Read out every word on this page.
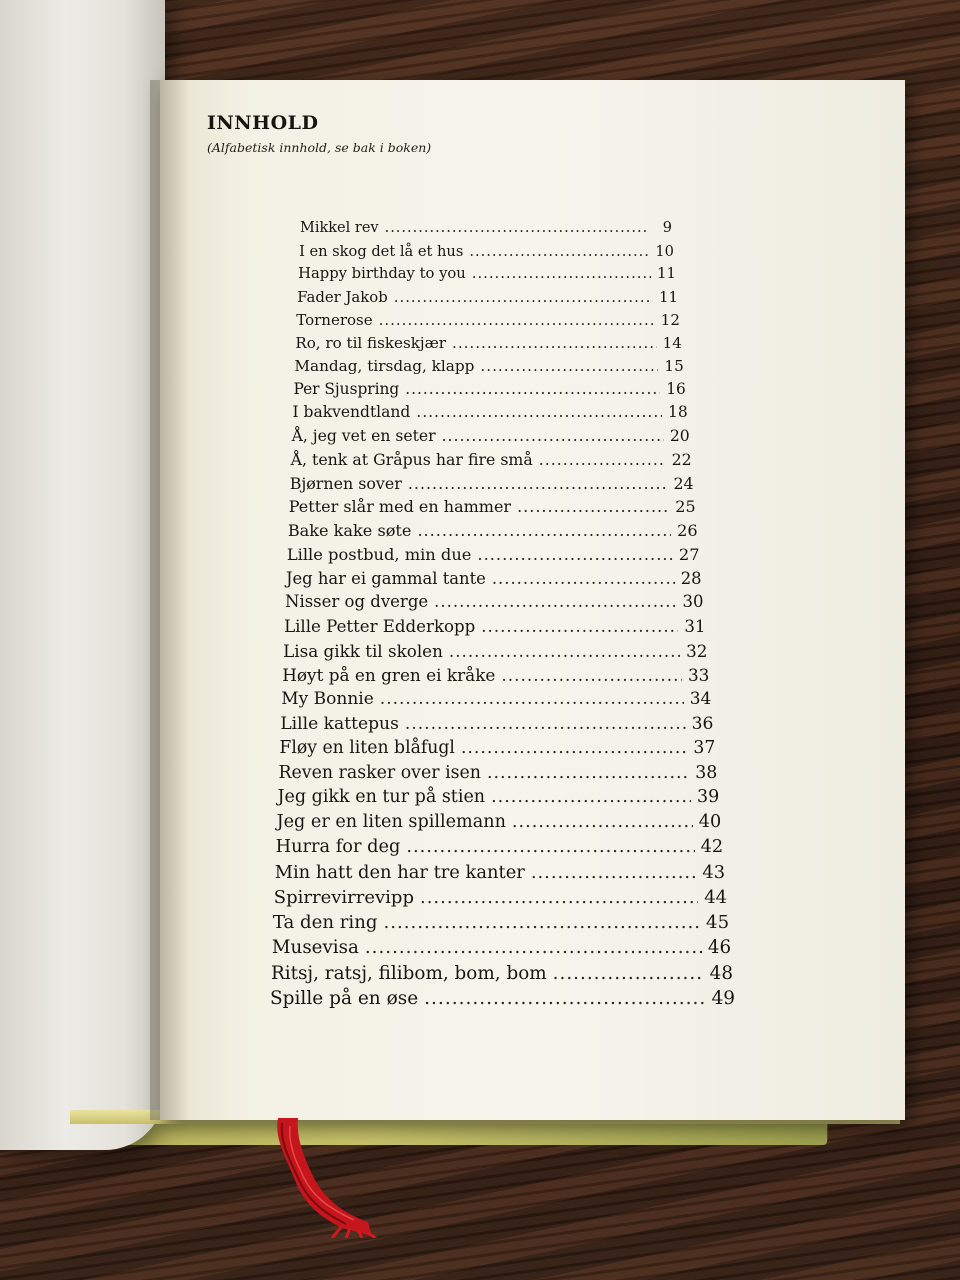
INNHOLD
(Alfabetisk innhold, se bak i boken)
Mikkel rev .....	9
I en skog det lå et hus .....	10
Happy birthday to you .....	11
Fader Jakob .....	11
Tornerose .....	12
Ro, ro til fiskeskjær .....	14
Mandag, tirsdag, klapp .....	15
Per Sjuspring .....	16
I bakvendtland .....	18
Å, jeg vet en seter .....	20
Å, tenk at Gråpus har fire små .....	22
Bjørnen sover .....	24
Petter slår med en hammer .....	25
Bake kake søte .....	26
Lille postbud, min due .....	27
Jeg har ei gammal tante .....	28
Nisser og dverge .....	30
Lille Petter Edderkopp .....	31
Lisa gikk til skolen .....	32
Høyt på en gren ei kråke .....	33
My Bonnie .....	34
Lille kattepus .....	36
Fløy en liten blåfugl .....	37
Reven rasker over isen .....	38
Jeg gikk en tur på stien .....	39
Jeg er en liten spillemann .....	40
Hurra for deg .....	42
Min hatt den har tre kanter .....	43
Spirrevirrevipp .....	44
Ta den ring .....	45
Musevisa .....	46
Ritsj, ratsj, filibom, bom, bom .....	48
Spille på en øse .....	49
